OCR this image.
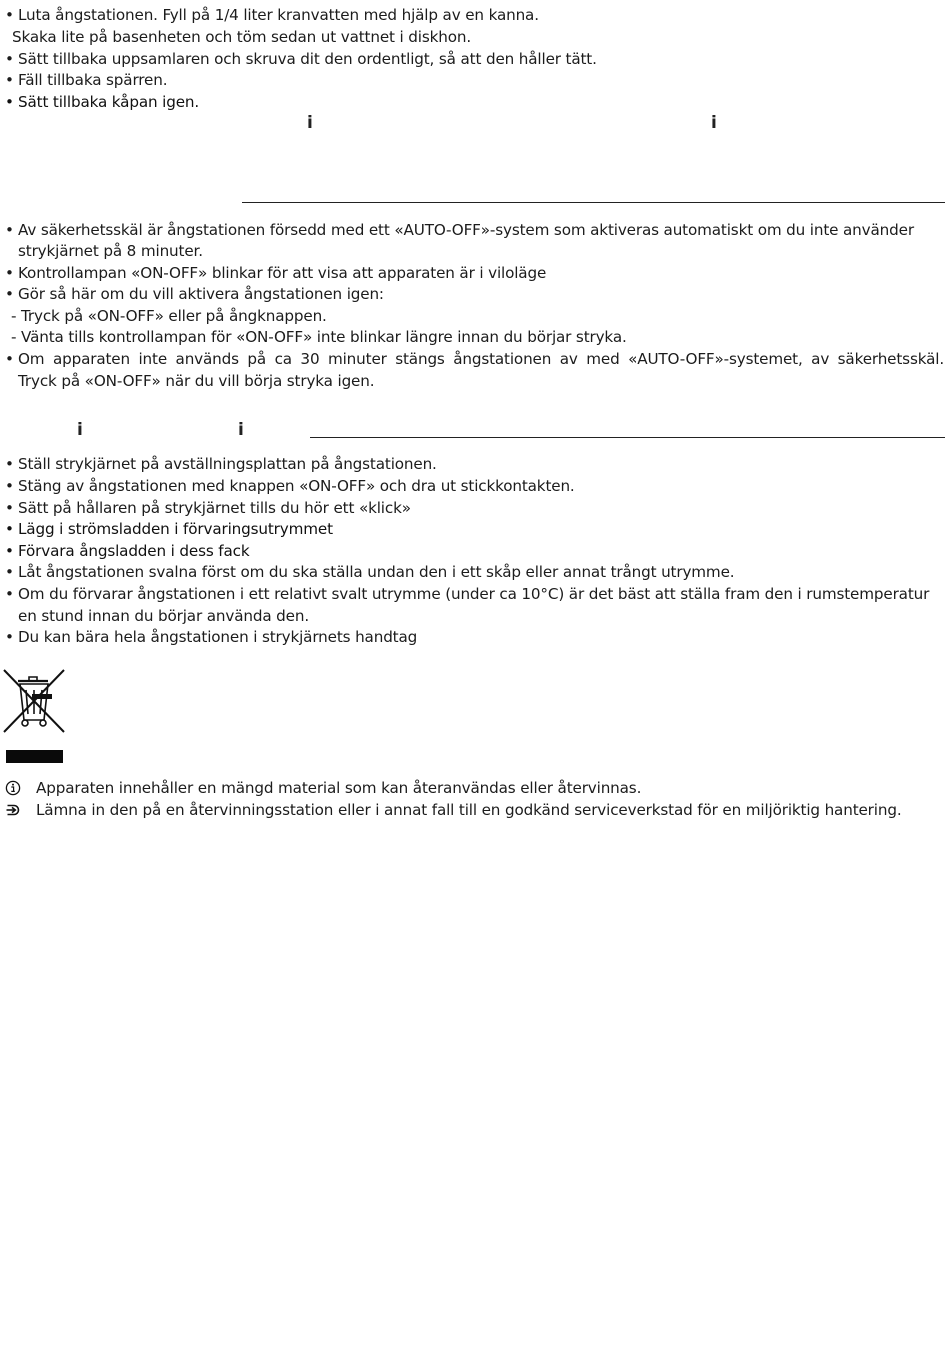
• Luta ångstationen. Fyll på 1/4 liter kranvatten med hjälp av en kanna.
Skaka lite på basenheten och töm sedan ut vattnet i diskhon.
• Sätt tillbaka uppsamlaren och skruva dit den ordentligt, så att den håller tätt.
• Fäll tillbaka spärren.
• Sätt tillbaka kåpan igen.
i	i
• Av säkerhetsskäl är ångstationen försedd med ett «AUTO-OFF»-system som aktiveras automatiskt om du inte använder
strykjärnet på 8 minuter.
• Kontrollampan «ON-OFF» blinkar för att visa att apparaten är i viloläge
• Gör så här om du vill aktivera ångstationen igen:
- Tryck på «ON-OFF» eller på ångknappen.
- Vänta tills kontrollampan för «ON-OFF» inte blinkar längre innan du börjar stryka.
• Om apparaten inte används på ca 30 minuter stängs ångstationen av med «AUTO-OFF»-systemet, av säkerhetsskäl.
Tryck på «ON-OFF» när du vill börja stryka igen.
i	i
• Ställ strykjärnet på avställningsplattan på ångstationen.
• Stäng av ångstationen med knappen «ON-OFF» och dra ut stickkontakten.
• Sätt på hållaren på strykjärnet tills du hör ett «klick»
• Lägg i strömsladden i förvaringsutrymmet
• Förvara ångsladden i dess fack
• Låt ångstationen svalna först om du ska ställa undan den i ett skåp eller annat trångt utrymme.
• Om du förvarar ångstationen i ett relativt svalt utrymme (under ca 10°C) är det bäst att ställa fram den i rumstemperatur
en stund innan du börjar använda den.
• Du kan bära hela ångstationen i strykjärnets handtag
Apparaten innehåller en mängd material som kan återanvändas eller återvinnas.
Lämna in den på en återvinningsstation eller i annat fall till en godkänd serviceverkstad för en miljöriktig hantering.
